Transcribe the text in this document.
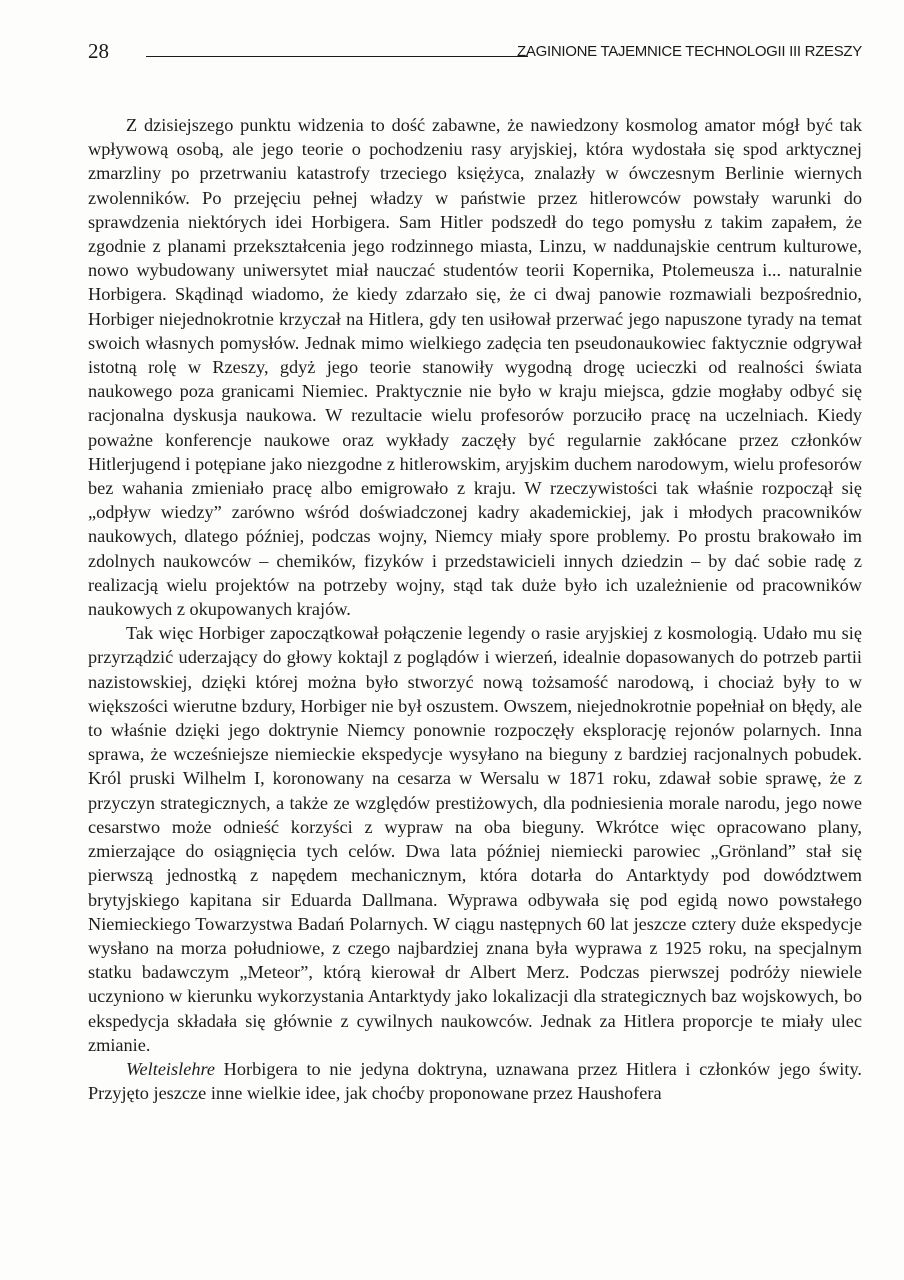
28	ZAGINIONE TAJEMNICE TECHNOLOGII III RZESZY

Z dzisiejszego punktu widzenia to dość zabawne, że nawiedzony kosmolog amator mógł być tak wpływową osobą, ale jego teorie o pochodzeniu rasy aryjskiej, która wydostała się spod arktycznej zmarzliny po przetrwaniu katastrofy trzeciego księżyca, znalazły w ówczesnym Berlinie wiernych zwolenników. Po przejęciu pełnej władzy w państwie przez hitlerowców powstały warunki do sprawdzenia niektórych idei Horbigera. Sam Hitler podszedł do tego pomysłu z takim zapałem, że zgodnie z planami przekształcenia jego rodzinnego miasta, Linzu, w naddunajskie centrum kulturowe, nowo wybudowany uniwersytet miał nauczać studentów teorii Kopernika, Ptolemeusza i... naturalnie Horbigera. Skądinąd wiadomo, że kiedy zdarzało się, że ci dwaj panowie rozmawiali bezpośrednio, Horbiger niejednokrotnie krzyczał na Hitlera, gdy ten usiłował przerwać jego napuszone tyrady na temat swoich własnych pomysłów. Jednak mimo wielkiego zadęcia ten pseudonaukowiec faktycznie odgrywał istotną rolę w Rzeszy, gdyż jego teorie stanowiły wygodną drogę ucieczki od realności świata naukowego poza granicami Niemiec. Praktycznie nie było w kraju miejsca, gdzie mogłaby odbyć się racjonalna dyskusja naukowa. W rezultacie wielu profesorów porzuciło pracę na uczelniach. Kiedy poważne konferencje naukowe oraz wykłady zaczęły być regularnie zakłócane przez członków Hitlerjugend i potępiane jako niezgodne z hitlerowskim, aryjskim duchem narodowym, wielu profesorów bez wahania zmieniało pracę albo emigrowało z kraju. W rzeczywistości tak właśnie rozpoczął się „odpływ wiedzy” zarówno wśród doświadczonej kadry akademickiej, jak i młodych pracowników naukowych, dlatego później, podczas wojny, Niemcy miały spore problemy. Po prostu brakowało im zdolnych naukowców – chemików, fizyków i przedstawicieli innych dziedzin – by dać sobie radę z realizacją wielu projektów na potrzeby wojny, stąd tak duże było ich uzależnienie od pracowników naukowych z okupowanych krajów.

Tak więc Horbiger zapoczątkował połączenie legendy o rasie aryjskiej z kosmologią. Udało mu się przyrządzić uderzający do głowy koktajl z poglądów i wierzeń, idealnie dopasowanych do potrzeb partii nazistowskiej, dzięki której można było stworzyć nową tożsamość narodową, i chociaż były to w większości wierutne bzdury, Horbiger nie był oszustem. Owszem, niejednokrotnie popełniał on błędy, ale to właśnie dzięki jego doktrynie Niemcy ponownie rozpoczęły eksplorację rejonów polarnych. Inna sprawa, że wcześniejsze niemieckie ekspedycje wysyłano na bieguny z bardziej racjonalnych pobudek. Król pruski Wilhelm I, koronowany na cesarza w Wersalu w 1871 roku, zdawał sobie sprawę, że z przyczyn strategicznych, a także ze względów prestiżowych, dla podniesienia morale narodu, jego nowe cesarstwo może odnieść korzyści z wypraw na oba bieguny. Wkrótce więc opracowano plany, zmierzające do osiągnięcia tych celów. Dwa lata później niemiecki parowiec „Grönland” stał się pierwszą jednostką z napędem mechanicznym, która dotarła do Antarktydy pod dowództwem brytyjskiego kapitana sir Eduarda Dallmana. Wyprawa odbywała się pod egidą nowo powstałego Niemieckiego Towarzystwa Badań Polarnych. W ciągu następnych 60 lat jeszcze cztery duże ekspedycje wysłano na morza południowe, z czego najbardziej znana była wyprawa z 1925 roku, na specjalnym statku badawczym „Meteor”, którą kierował dr Albert Merz. Podczas pierwszej podróży niewiele uczyniono w kierunku wykorzystania Antarktydy jako lokalizacji dla strategicznych baz wojskowych, bo ekspedycja składała się głównie z cywilnych naukowców. Jednak za Hitlera proporcje te miały ulec zmianie.

Welteislehre Horbigera to nie jedyna doktryna, uznawana przez Hitlera i członków jego świty. Przyjęto jeszcze inne wielkie idee, jak choćby proponowane przez Haushofera
